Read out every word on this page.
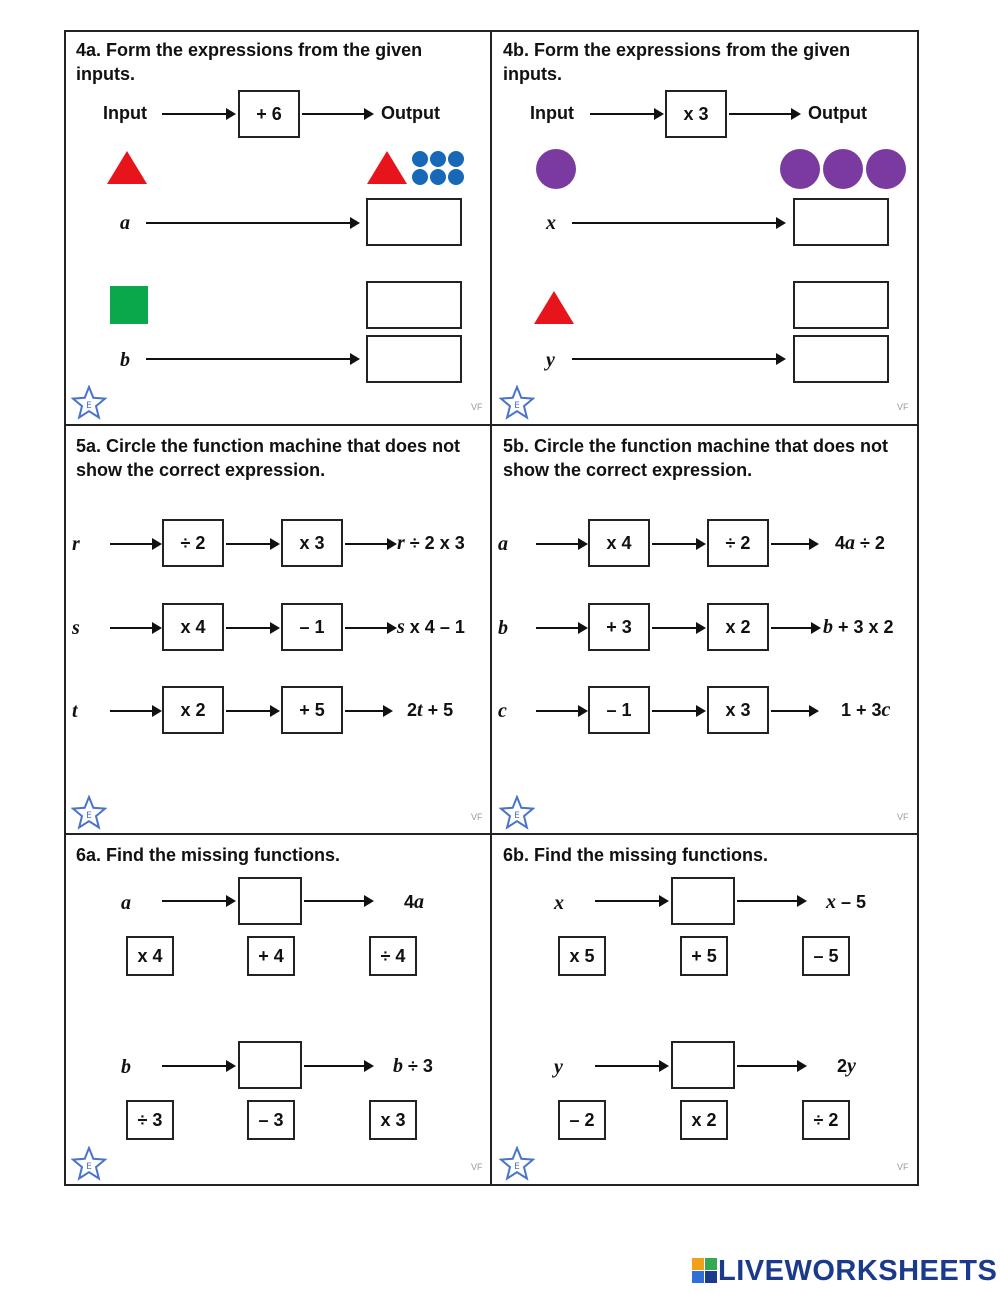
4a. Form the expressions from the given inputs.
Input	+ 6	Output
a
b
E	VF
4b. Form the expressions from the given inputs.
Input	x 3	Output
x
y
E	VF
5a. Circle the function machine that does not show the correct expression.
r	÷ 2	x 3	r ÷ 2 x 3
s	x 4	– 1	s x 4 – 1
t	x 2	+ 5	2t + 5
E	VF
5b. Circle the function machine that does not show the correct expression.
a	x 4	÷ 2	4a ÷ 2
b	+ 3	x 2	b + 3 x 2
c	– 1	x 3	1 + 3c
E	VF
6a. Find the missing functions.
a	4a
x 4	+ 4	÷ 4
b	b ÷ 3
÷ 3	– 3	x 3
E	VF
6b. Find the missing functions.
x	x – 5
x 5	+ 5	– 5
y	2y
– 2	x 2	÷ 2
E	VF
LIVEWORKSHEETS
